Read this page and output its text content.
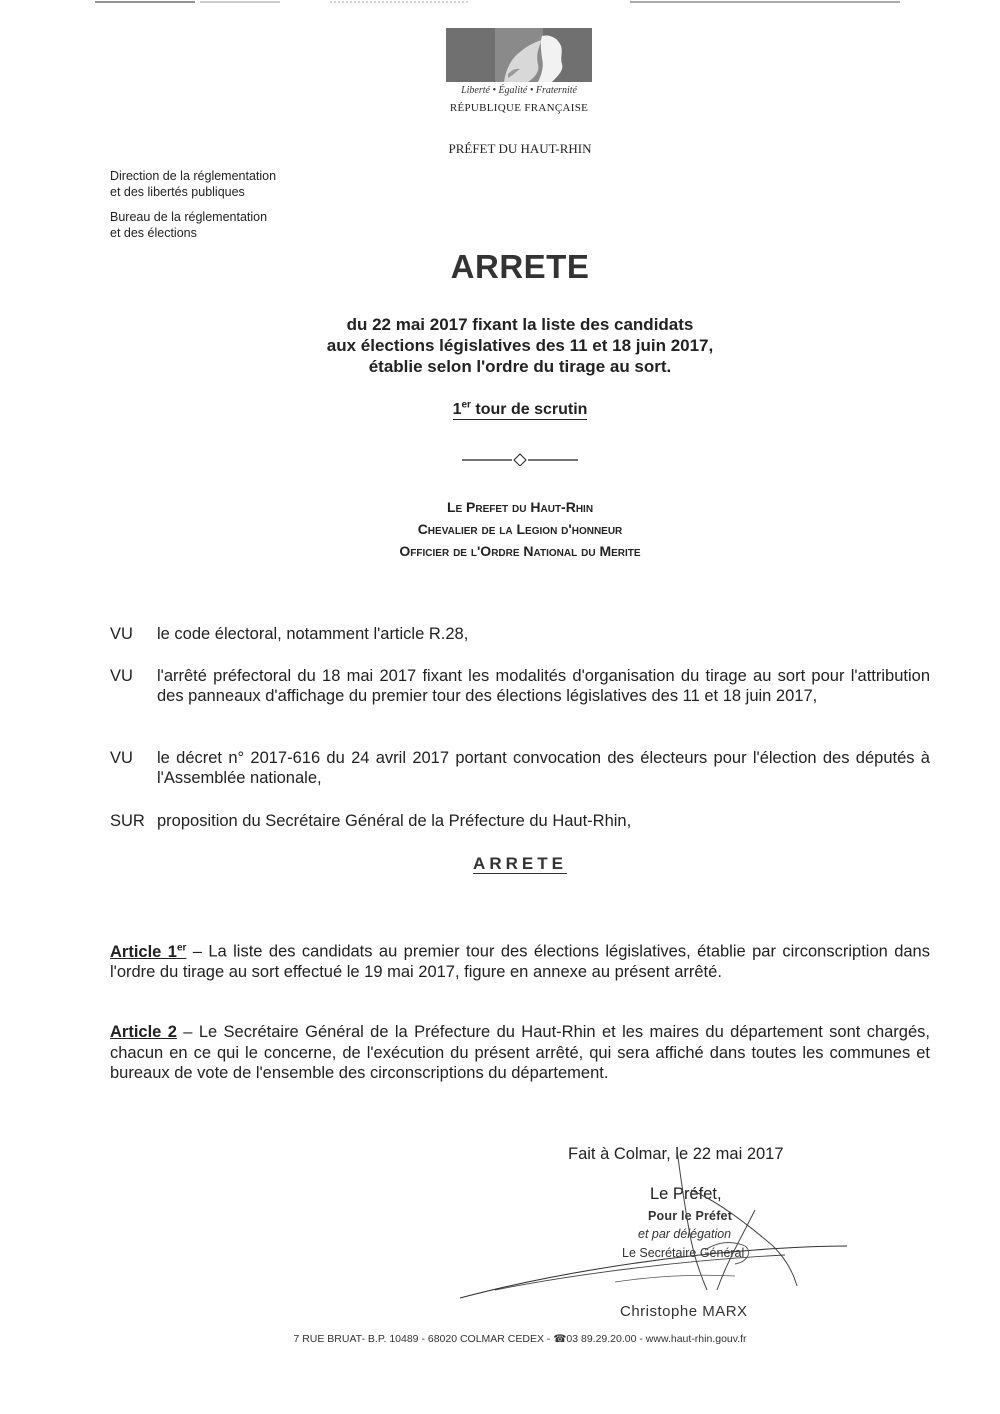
Liberté • Égalité • Fraternité
RÉPUBLIQUE FRANÇAISE
PRÉFET DU HAUT-RHIN

Direction de la réglementation
et des libertés publiques

Bureau de la réglementation
et des élections

ARRETE
du 22 mai 2017 fixant la liste des candidats
aux élections législatives des 11 et 18 juin 2017,
établie selon l'ordre du tirage au sort.
1er tour de scrutin
Le Prefet du Haut-Rhin
Chevalier de la Legion d'honneur
Officier de l'Ordre National du Merite
VU le code électoral, notamment l'article R.28,
VU l'arrêté préfectoral du 18 mai 2017 fixant les modalités d'organisation du tirage au sort pour l'attribution des panneaux d'affichage du premier tour des élections législatives des 11 et 18 juin 2017,
VU le décret n° 2017-616 du 24 avril 2017 portant convocation des électeurs pour l'élection des députés à l'Assemblée nationale,
SUR proposition du Secrétaire Général de la Préfecture du Haut-Rhin,
ARRETE
Article 1er – La liste des candidats au premier tour des élections législatives, établie par circonscription dans l'ordre du tirage au sort effectué le 19 mai 2017, figure en annexe au présent arrêté.
Article 2 – Le Secrétaire Général de la Préfecture du Haut-Rhin et les maires du département sont chargés, chacun en ce qui le concerne, de l'exécution du présent arrêté, qui sera affiché dans toutes les communes et bureaux de vote de l'ensemble des circonscriptions du département.
Fait à Colmar, le 22 mai 2017
Le Préfet,
Pour le Préfet
et par délégation
Le Secrétaire Général
Christophe MARX
7 RUE BRUAT- B.P. 10489 - 68020 COLMAR CEDEX - ☎03 89.29.20.00 - www.haut-rhin.gouv.fr
